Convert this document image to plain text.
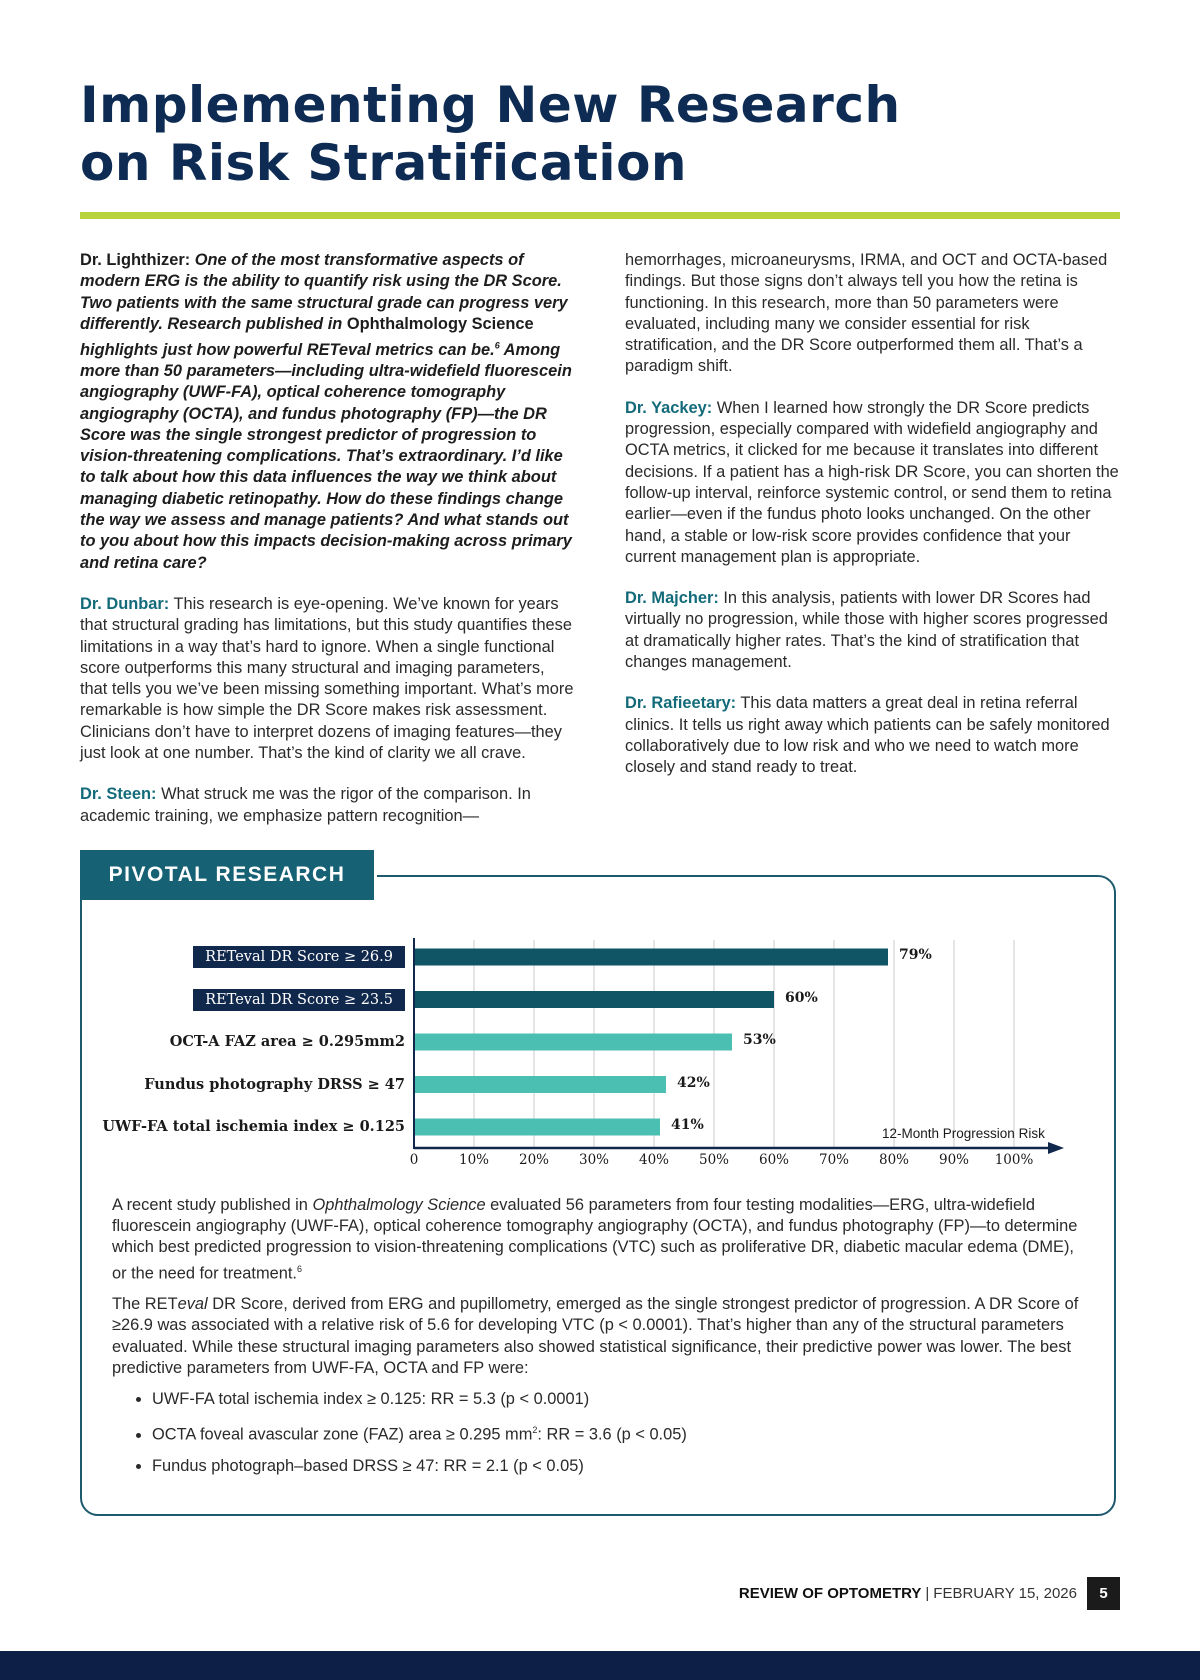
Implementing New Research
on Risk Stratification

Dr. Lighthizer: One of the most transformative aspects of modern ERG is the ability to quantify risk using the DR Score. Two patients with the same structural grade can progress very differently. Research published in Ophthalmology Science highlights just how powerful RETeval metrics can be.$^6$ Among more than 50 parameters—including ultra-widefield fluorescein angiography (UWF-FA), optical coherence tomography angiography (OCTA), and fundus photography (FP)—the DR Score was the single strongest predictor of progression to vision-threatening complications. That’s extraordinary. I’d like to talk about how this data influences the way we think about managing diabetic retinopathy. How do these findings change the way we assess and manage patients? And what stands out to you about how this impacts decision-making across primary and retina care?

Dr. Dunbar: This research is eye-opening. We’ve known for years that structural grading has limitations, but this study quantifies these limitations in a way that’s hard to ignore. When a single functional score outperforms this many structural and imaging parameters, that tells you we’ve been missing something important. What’s more remarkable is how simple the DR Score makes risk assessment. Clinicians don’t have to interpret dozens of imaging features—they just look at one number. That’s the kind of clarity we all crave.

Dr. Steen: What struck me was the rigor of the comparison. In academic training, we emphasize pattern recognition—

hemorrhages, microaneurysms, IRMA, and OCT and OCTA-based findings. But those signs don’t always tell you how the retina is functioning. In this research, more than 50 parameters were evaluated, including many we consider essential for risk stratification, and the DR Score outperformed them all. That’s a paradigm shift.

Dr. Yackey: When I learned how strongly the DR Score predicts progression, especially compared with widefield angiography and OCTA metrics, it clicked for me because it translates into different decisions. If a patient has a high-risk DR Score, you can shorten the follow-up interval, reinforce systemic control, or send them to retina earlier—even if the fundus photo looks unchanged. On the other hand, a stable or low-risk score provides confidence that your current management plan is appropriate.

Dr. Majcher: In this analysis, patients with lower DR Scores had virtually no progression, while those with higher scores progressed at dramatically higher rates. That’s the kind of stratification that changes management.

Dr. Rafieetary: This data matters a great deal in retina referral clinics. It tells us right away which patients can be safely monitored collaboratively due to low risk and who we need to watch more closely and stand ready to treat.

PIVOTAL RESEARCH
79%
RETeval DR Score ≥ 26.9
60%
RETeval DR Score ≥ 23.5
53%
OCT-A FAZ area ≥ 0.295mm2
42%
Fundus photography DRSS ≥ 47
41%
UWF-FA total ischemia index ≥ 0.125
0	10% 20% 30% 40% 50% 60% 70% 80% 90% 100%
12-Month Progression Risk

A recent study published in Ophthalmology Science evaluated 56 parameters from four testing modalities—ERG, ultra-widefield fluorescein angiography (UWF-FA), optical coherence tomography angiography (OCTA), and fundus photography (FP)—to determine which best predicted progression to vision-threatening complications (VTC) such as proliferative DR, diabetic macular edema (DME), or the need for treatment.$^6$

The RETeval DR Score, derived from ERG and pupillometry, emerged as the single strongest predictor of progression. A DR Score of ≥26.9 was associated with a relative risk of 5.6 for developing VTC (p < 0.0001). That’s higher than any of the structural parameters evaluated. While these structural imaging parameters also showed statistical significance, their predictive power was lower. The best predictive parameters from UWF-FA, OCTA and FP were:

• UWF-FA total ischemia index ≥ 0.125: RR = 5.3 (p < 0.0001)
• OCTA foveal avascular zone (FAZ) area ≥ 0.295 $mm^2$: RR = 3.6 (p < 0.05)
• Fundus photograph–based DRSS ≥ 47: RR = 2.1 (p < 0.05)
REVIEW OF OPTOMETRY | FEBRUARY 15, 2026	5
